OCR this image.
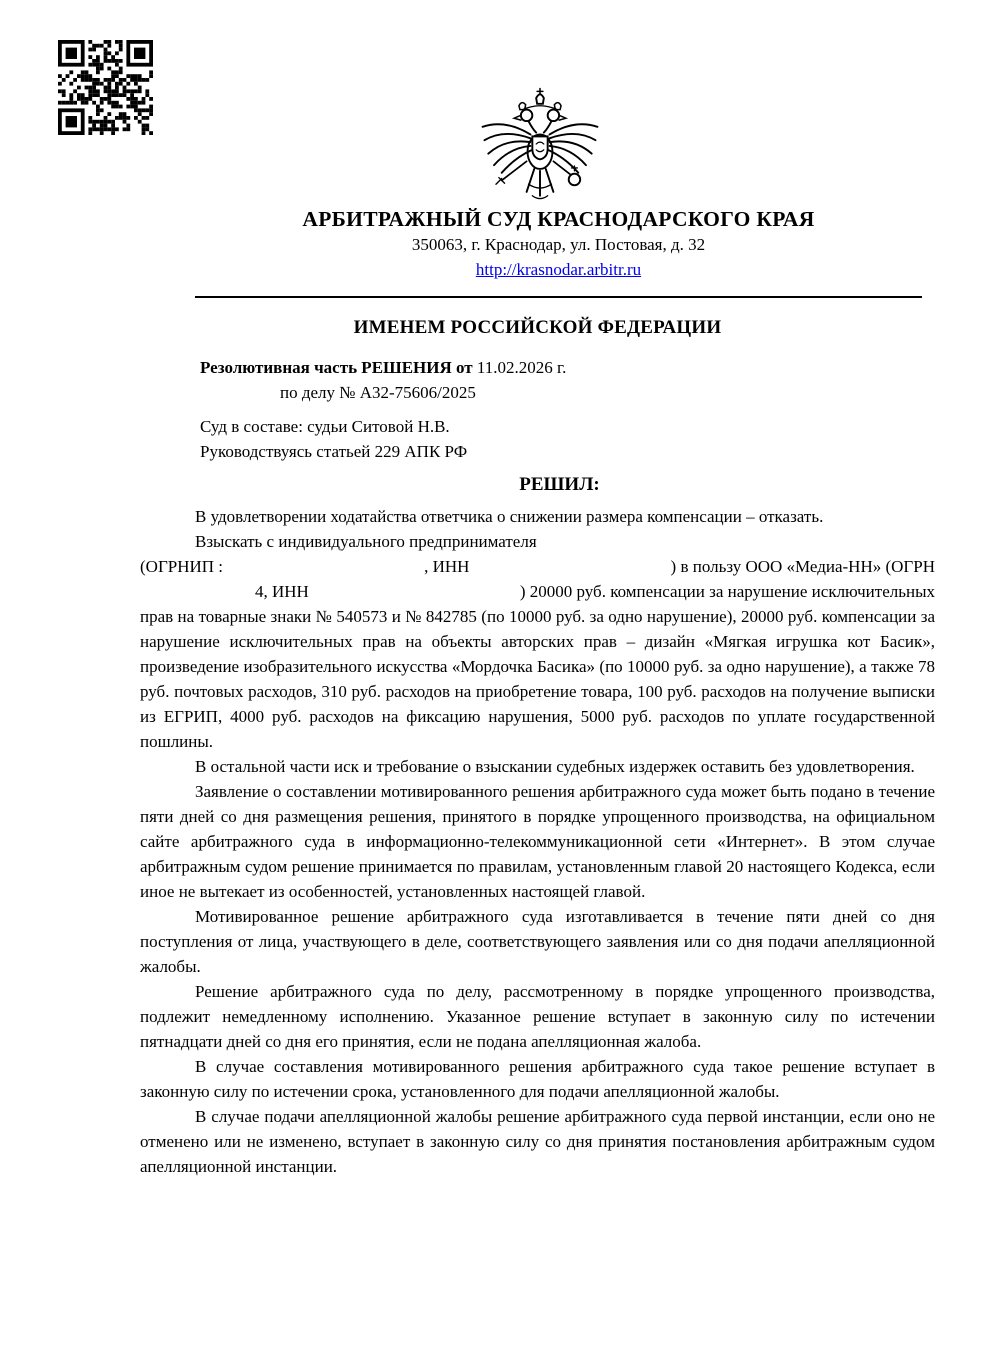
АРБИТРАЖНЫЙ СУД КРАСНОДАРСКОГО КРАЯ
350063, г. Краснодар, ул. Постовая, д. 32
http://krasnodar.arbitr.ru
ИМЕНЕМ РОССИЙСКОЙ ФЕДЕРАЦИИ
Резолютивная часть РЕШЕНИЯ от 11.02.2026 г.
по делу № А32-75606/2025
Суд в составе: судьи Ситовой Н.В.
Руководствуясь статьей 229 АПК РФ
РЕШИЛ:

В удовлетворении ходатайства ответчика о снижении размера компенсации – отказать.

Взыскать с индивидуального предпринимателя

(ОГРНИП :	, ИНН	) в пользу ООО «Медиа-НН» (ОГРН
4, ИНН	) 20000 руб. компенсации за нарушение исключительных

прав на товарные знаки № 540573 и № 842785 (по 10000 руб. за одно нарушение), 20000 руб. компенсации за нарушение исключительных прав на объекты авторских прав – дизайн «Мягкая игрушка кот Басик», произведение изобразительного искусства «Мордочка Басика» (по 10000 руб. за одно нарушение), а также 78 руб. почтовых расходов, 310 руб. расходов на приобретение товара, 100 руб. расходов на получение выписки из ЕГРИП, 4000 руб. расходов на фиксацию нарушения, 5000 руб. расходов по уплате государственной пошлины.

В остальной части иск и требование о взыскании судебных издержек оставить без удовлетворения.

Заявление о составлении мотивированного решения арбитражного суда может быть подано в течение пяти дней со дня размещения решения, принятого в порядке упрощенного производства, на официальном сайте арбитражного суда в информационно-телекоммуникационной сети «Интернет». В этом случае арбитражным судом решение принимается по правилам, установленным главой 20 настоящего Кодекса, если иное не вытекает из особенностей, установленных настоящей главой.

Мотивированное решение арбитражного суда изготавливается в течение пяти дней со дня поступления от лица, участвующего в деле, соответствующего заявления или со дня подачи апелляционной жалобы.

Решение арбитражного суда по делу, рассмотренному в порядке упрощенного производства, подлежит немедленному исполнению. Указанное решение вступает в законную силу по истечении пятнадцати дней со дня его принятия, если не подана апелляционная жалоба.

В случае составления мотивированного решения арбитражного суда такое решение вступает в законную силу по истечении срока, установленного для подачи апелляционной жалобы.

В случае подачи апелляционной жалобы решение арбитражного суда первой инстанции, если оно не отменено или не изменено, вступает в законную силу со дня принятия постановления арбитражным судом апелляционной инстанции.
